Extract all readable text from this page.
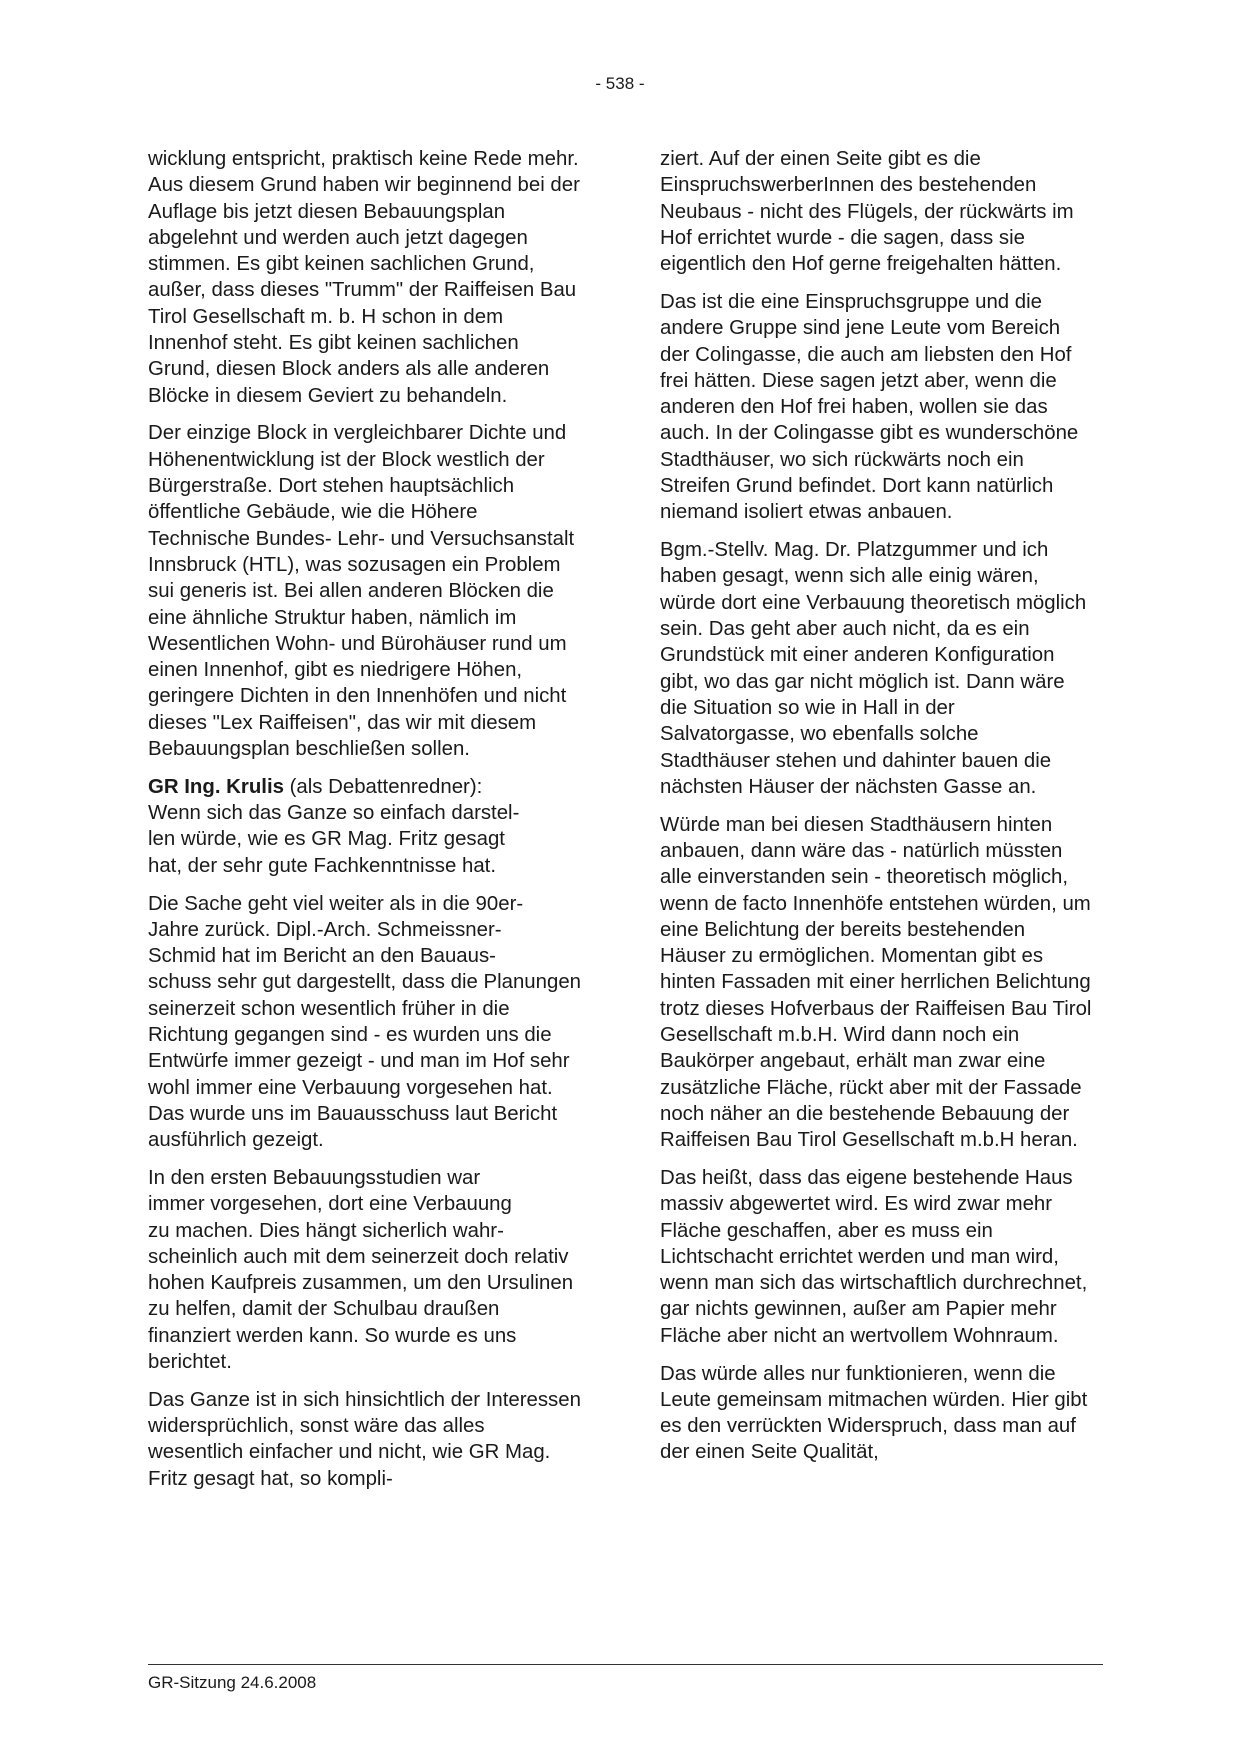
- 538 -

wicklung entspricht, praktisch keine Rede mehr. Aus diesem Grund haben wir beginnend bei der Auflage bis jetzt diesen Bebauungsplan abgelehnt und werden auch jetzt dagegen stimmen. Es gibt keinen sachlichen Grund, außer, dass dieses "Trumm" der Raiffeisen Bau Tirol Gesellschaft m. b. H schon in dem Innenhof steht. Es gibt keinen sachlichen Grund, diesen Block anders als alle anderen Blöcke in diesem Geviert zu behandeln.

Der einzige Block in vergleichbarer Dichte und Höhenentwicklung ist der Block westlich der Bürgerstraße. Dort stehen hauptsächlich öffentliche Gebäude, wie die Höhere Technische Bundes- Lehr- und Versuchsanstalt Innsbruck (HTL), was sozusagen ein Problem sui generis ist. Bei allen anderen Blöcken die eine ähnliche Struktur haben, nämlich im Wesentlichen Wohn- und Bürohäuser rund um einen Innenhof, gibt es niedrigere Höhen, geringere Dichten in den Innenhöfen und nicht dieses "Lex Raiffeisen", das wir mit diesem Bebauungsplan beschließen sollen.

GR Ing. Krulis (als Debattenredner):
Wenn sich das Ganze so einfach darstel-
len würde, wie es GR Mag. Fritz gesagt
hat, der sehr gute Fachkenntnisse hat.

Die Sache geht viel weiter als in die 90er-
Jahre zurück. Dipl.-Arch. Schmeissner-
Schmid hat im Bericht an den Bauaus-
schuss sehr gut dargestellt, dass die Planungen seinerzeit schon wesentlich früher in die Richtung gegangen sind - es wurden uns die Entwürfe immer gezeigt - und man im Hof sehr wohl immer eine Verbauung vorgesehen hat. Das wurde uns im Bauausschuss laut Bericht ausführlich gezeigt.

In den ersten Bebauungsstudien war
immer vorgesehen, dort eine Verbauung
zu machen. Dies hängt sicherlich wahr-
scheinlich auch mit dem seinerzeit doch relativ hohen Kaufpreis zusammen, um den Ursulinen zu helfen, damit der Schulbau draußen finanziert werden kann. So wurde es uns berichtet.

Das Ganze ist in sich hinsichtlich der Interessen widersprüchlich, sonst wäre das alles wesentlich einfacher und nicht, wie GR Mag. Fritz gesagt hat, so kompli-

ziert. Auf der einen Seite gibt es die EinspruchswerberInnen des bestehenden Neubaus - nicht des Flügels, der rückwärts im Hof errichtet wurde - die sagen, dass sie eigentlich den Hof gerne freigehalten hätten.

Das ist die eine Einspruchsgruppe und die andere Gruppe sind jene Leute vom Bereich der Colingasse, die auch am liebsten den Hof frei hätten. Diese sagen jetzt aber, wenn die anderen den Hof frei haben, wollen sie das auch. In der Colingasse gibt es wunderschöne Stadthäuser, wo sich rückwärts noch ein Streifen Grund befindet. Dort kann natürlich niemand isoliert etwas anbauen.

Bgm.-Stellv. Mag. Dr. Platzgummer und ich haben gesagt, wenn sich alle einig wären, würde dort eine Verbauung theoretisch möglich sein. Das geht aber auch nicht, da es ein Grundstück mit einer anderen Konfiguration gibt, wo das gar nicht möglich ist. Dann wäre die Situation so wie in Hall in der Salvatorgasse, wo ebenfalls solche Stadthäuser stehen und dahinter bauen die nächsten Häuser der nächsten Gasse an.

Würde man bei diesen Stadthäusern hinten anbauen, dann wäre das - natürlich müssten alle einverstanden sein - theoretisch möglich, wenn de facto Innenhöfe entstehen würden, um eine Belichtung der bereits bestehenden Häuser zu ermöglichen. Momentan gibt es hinten Fassaden mit einer herrlichen Belichtung trotz dieses Hofverbaus der Raiffeisen Bau Tirol Gesellschaft m.b.H. Wird dann noch ein Baukörper angebaut, erhält man zwar eine zusätzliche Fläche, rückt aber mit der Fassade noch näher an die bestehende Bebauung der Raiffeisen Bau Tirol Gesellschaft m.b.H heran.

Das heißt, dass das eigene bestehende Haus massiv abgewertet wird. Es wird zwar mehr Fläche geschaffen, aber es muss ein Lichtschacht errichtet werden und man wird, wenn man sich das wirtschaftlich durchrechnet, gar nichts gewinnen, außer am Papier mehr Fläche aber nicht an wertvollem Wohnraum.

Das würde alles nur funktionieren, wenn die Leute gemeinsam mitmachen würden. Hier gibt es den verrückten Widerspruch, dass man auf der einen Seite Qualität,

GR-Sitzung 24.6.2008
